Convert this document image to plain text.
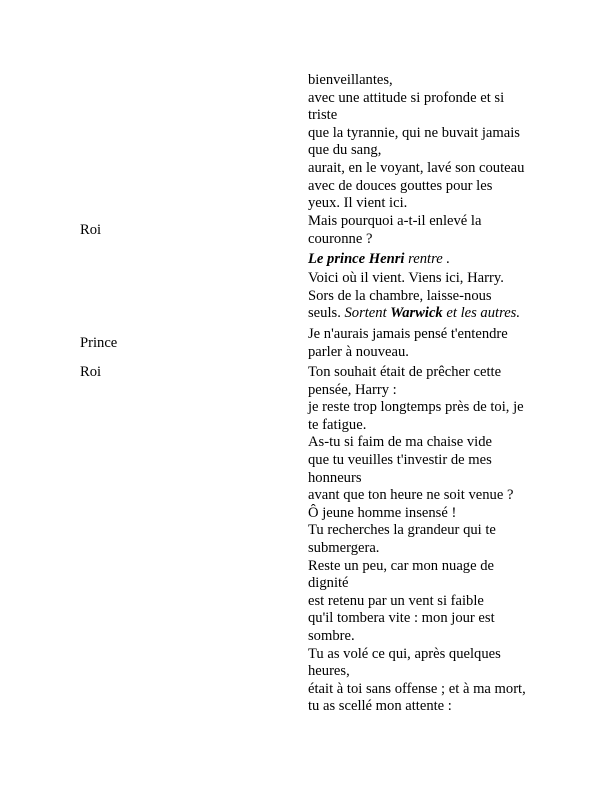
bienveillantes,
avec une attitude si profonde et si
triste
que la tyrannie, qui ne buvait jamais
que du sang,
aurait, en le voyant, lavé son couteau
avec de douces gouttes pour les
yeux. Il vient ici.
Roi
Mais pourquoi a-t-il enlevé la
couronne ?
Le prince Henri rentre .
Voici où il vient. Viens ici, Harry.
Sors de la chambre, laisse-nous
seuls. Sortent Warwick et les autres.
Prince
Je n'aurais jamais pensé t'entendre
parler à nouveau.
Roi	Ton souhait était de prêcher cette
pensée, Harry :
je reste trop longtemps près de toi, je
te fatigue.
As-tu si faim de ma chaise vide
que tu veuilles t'investir de mes
honneurs
avant que ton heure ne soit venue ?
Ô jeune homme insensé !
Tu recherches la grandeur qui te
submergera.
Reste un peu, car mon nuage de
dignité
est retenu par un vent si faible
qu'il tombera vite : mon jour est
sombre.
Tu as volé ce qui, après quelques
heures,
était à toi sans offense ; et à ma mort,
tu as scellé mon attente :
